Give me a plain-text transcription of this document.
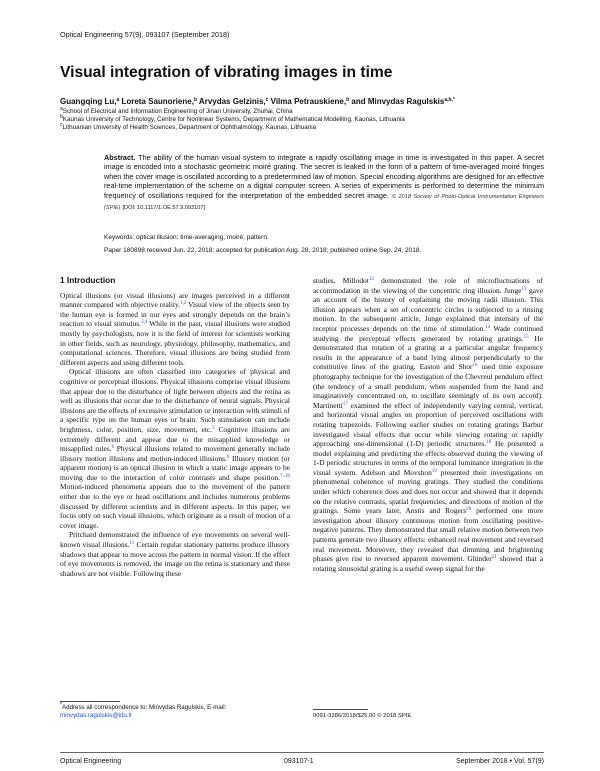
Optical Engineering 57(9), 093107 (September 2018)
Visual integration of vibrating images in time
Guangqing Lu,$^a$ Loreta Saunoriene,$^b$ Arvydas Gelzinis,$^c$ Vilma Petrauskiene,$^b$ and Minvydas Ragulskis$^{a,b,*}$
$^a$School of Electrical and Information Engineering of Jinan University, Zhuhai, China
$^b$Kaunas University of Technology, Centre for Nonlinear Systems, Department of Mathematical Modelling, Kaunas, Lithuania
$^c$Lithuanian University of Health Sciences, Department of Ophthalmology, Kaunas, Lithuania
Abstract. The ability of the human visual system to integrate a rapidly oscillating image in time is investigated in this paper. A secret image is encoded into a stochastic geometric moiré grating. The secret is leaked in the form of a pattern of time-averaged moiré fringes when the cover image is oscillated according to a predetermined law of motion. Special encoding algorithms are designed for an effective real-time implementation of the scheme on a digital computer screen. A series of experiments is performed to determine the minimum frequency of oscillations required for the interpretation of the embedded secret image. © 2018 Society of Photo-Optical Instrumentation Engineers (SPIE) [DOI: 10.1117/1.OE.57.9.093107]
Keywords: optical illusion; time-averaging; moiré; pattern.
Paper 180898 received Jun. 22, 2018; accepted for publication Aug. 28, 2018; published online Sep. 24, 2018.

1 Introduction

Optical illusions (or visual illusions) are images perceived in a different manner compared with objective reality.$^{1,2}$ Visual view of the objects seen by the human eye is formed in our eyes and strongly depends on the brain’s reaction to visual stimulus.$^{3,4}$ While in the past, visual illusions were studied mostly by psychologists, now it is the field of interest for scientists working in other fields, such as neurology, physiology, philosophy, mathematics, and computational sciences. Therefore, visual illusions are being studied from different aspects and using different tools.

Optical illusions are often classified into categories of physical and cognitive or perceptual illusions. Physical illusions comprise visual illusions that appear due to the disturbance of light between objects and the retina as well as illusions that occur due to the disturbance of neural signals. Physical illusions are the effects of excessive stimulation or interaction with stimuli of a specific type on the human eyes or brain. Such stimulation can include brightness, color, position, size, movement, etc.$^5$ Cognitive illusions are extremely different and appear due to the misapplied knowledge or misapplied rules.$^6$ Physical illusions related to movement generally include illusory motion illusions and motion-induced illusions.$^6$ Illusory motion (or apparent motion) is an optical illusion in which a static image appears to be moving due to the interaction of color contrasts and shape position.$^{7-10}$ Motion-induced phenomena appears due to the movement of the pattern either due to the eye or head oscillations and includes numerous problems discussed by different scientists and in different aspects. In this paper, we focus only on such visual illusions, which originate as a result of motion of a cover image.

Pritchard demonstrated the influence of eye movements on several well-known visual illusions.$^{11}$ Certain regular stationary patterns produce illusory shadows that appear to move across the pattern in normal vision. If the effect of eye movements is removed, the image on the retina is stationary and these shadows are not visible. Following these

studies, Millodot$^{12}$ demonstrated the role of microfluctuations of accommodation in the viewing of the concentric ring illusion. Junge$^{13}$ gave an account of the history of explaining the moving radii illusion. This illusion appears when a set of concentric circles is subjected to a rinsing motion. In the subsequent article, Junge explained that intensity of the receptor processes depends on the time of stimulation.$^{14}$ Wade continued studying the perceptual effects generated by rotating gratings.$^{15}$ He demonstrated that rotation of a grating at a particular angular frequency results in the appearance of a band lying almost perpendicularly to the constitutive lines of the grating. Easton and Shor$^{16}$ used time exposure photography technique for the investigation of the Chevreul pendulum effect (the tendency of a small pendulum, when suspended from the hand and imaginatively concentrated on, to oscillate seemingly of its own accord). Martinetti$^{17}$ examined the effect of independently varying central, vertical, and horizontal visual angles on proportion of perceived oscillations with rotating trapezoids. Following earlier studies on rotating gratings Barbur investigated visual effects that occur while viewing rotating or rapidly approaching one-dimensional (1-D) periodic structures.$^{18}$ He presented a model explaining and predicting the effects observed during the viewing of 1-D periodic structures in terms of the temporal luminance integration in the visual system. Adelson and Movshon$^{19}$ presented their investigations on phenomenal coherence of moving gratings. They studied the conditions under which coherence does and does not occur and showed that it depends on the relative contrasts, spatial frequencies, and directions of motion of the gratings. Some years later, Anstis and Rogers$^{20}$ performed one more investigation about illusory continuous motion from oscillating positive-negative patterns. They demonstrated that small relative motion between two patterns generate two illusory effects: enhanced real movement and reversed real movement. Moreover, they revealed that dimming and brightening phases give rise to reversed apparent movement. Glünder$^{21}$ showed that a rotating sinusoidal grating is a useful sweep signal for the

*Address all correspondence to: Minvydas Ragulskis, E-mail: minvydas.ragulskis@ktu.lt	0091-3286/2018/$25.00 © 2018 SPIE
Optical Engineering	093107-1	September 2018 • Vol. 57(9)
